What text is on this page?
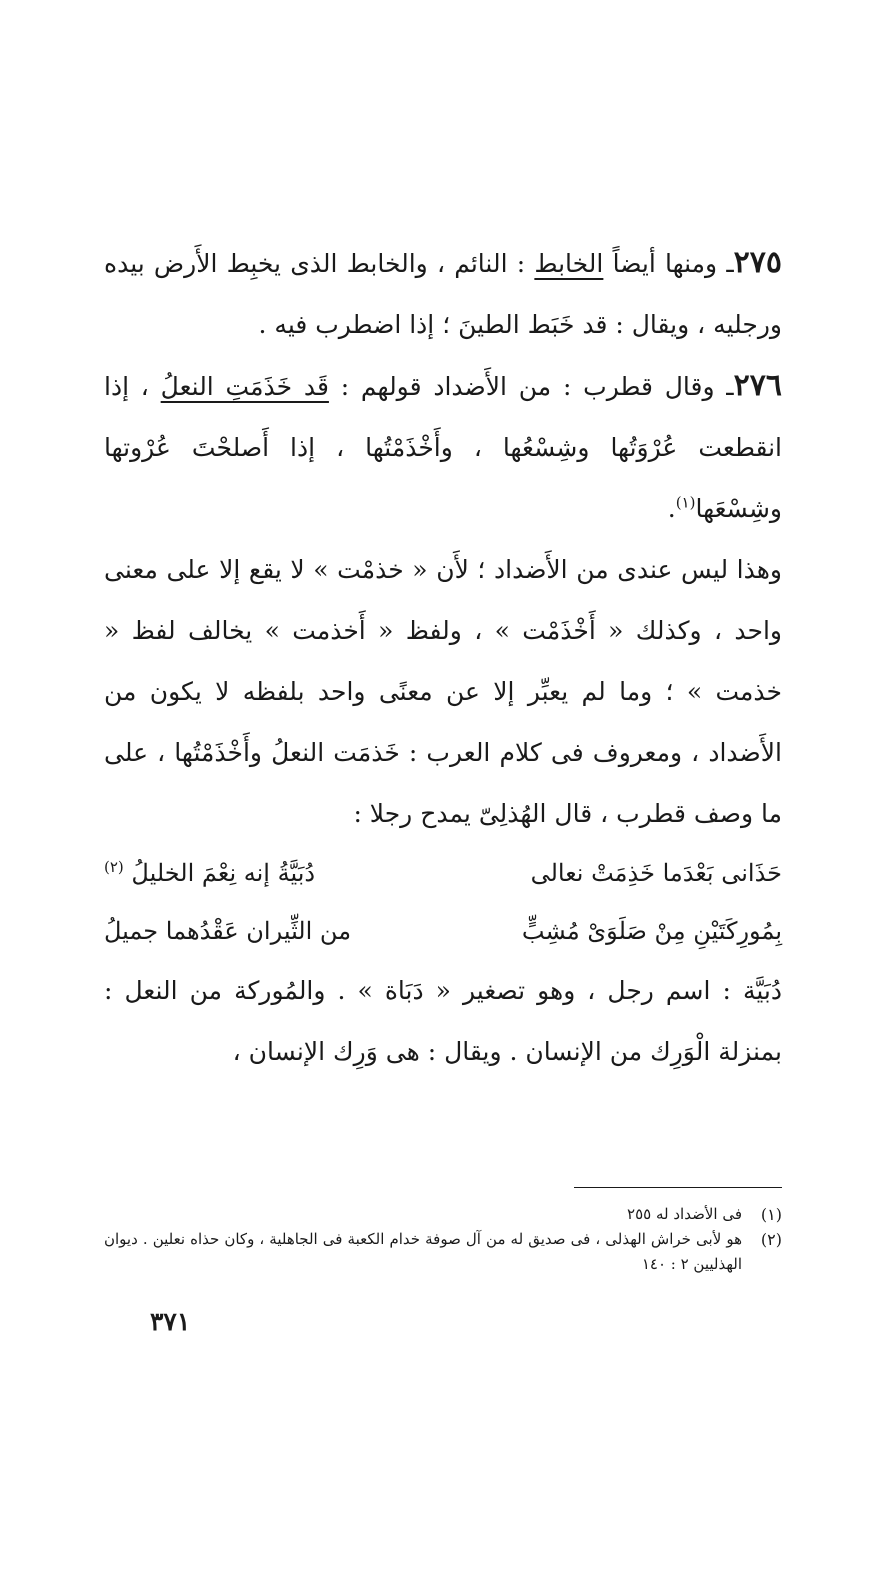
٢٧٥ـ ومنها أيضاً الخابط : النائم ، والخابط الذى يخبِط الأَرض بيده ورجليه ، ويقال : قد خَبَط الطينَ ؛ إذا اضطرب فيه .

٢٧٦ـ وقال قطرب : من الأَضداد قولهم : قَد خَذَمَتِ النعلُ ، إذا انقطعت عُرْوَتُها وشِسْعُها ، وأَخْذَمْتُها ، إذا أَصلحْتَ عُرْوتها وشِسْعَها$^{(١)}$.

وهذا ليس عندى من الأَضداد ؛ لأَن « خذمْت » لا يقع إلا على معنى واحد ، وكذلك « أَخْذَمْت » ، ولفظ « أَخذمت » يخالف لفظ « خذمت » ؛ وما لم يعبِّر إلا عن معنًى واحد بلفظه لا يكون من الأَضداد ، ومعروف فى كلام العرب : خَذمَت النعلُ وأَخْذَمْتُها ، على ما وصف قطرب ، قال الهُذلِىّ يمدح رجلا :

حَذَانى بَعْدَما خَذِمَتْ نعالى
دُبَيَّةُ إنه نِعْمَ الخليلُ $^{(٢)}$
بِمُورِكَتَيْنِ مِنْ صَلَوَىْ مُشِبٍّ
من الثِّيران عَقْدُهما جميلُ

دُبَيَّة : اسم رجل ، وهو تصغير « دَبَاة » . والمُوركة من النعل : بمنزلة الْوَرِك من الإنسان . ويقال : هى وَرِك الإنسان ،

(١)
فى الأضداد له ٢٥٥
(٢)
هو لأبى خراش الهذلى ، فى صديق له من آل صوفة خدام الكعبة فى الجاهلية ، وكان حذاه نعلين . ديوان الهذليين ٢ : ١٤٠
٣٧١
